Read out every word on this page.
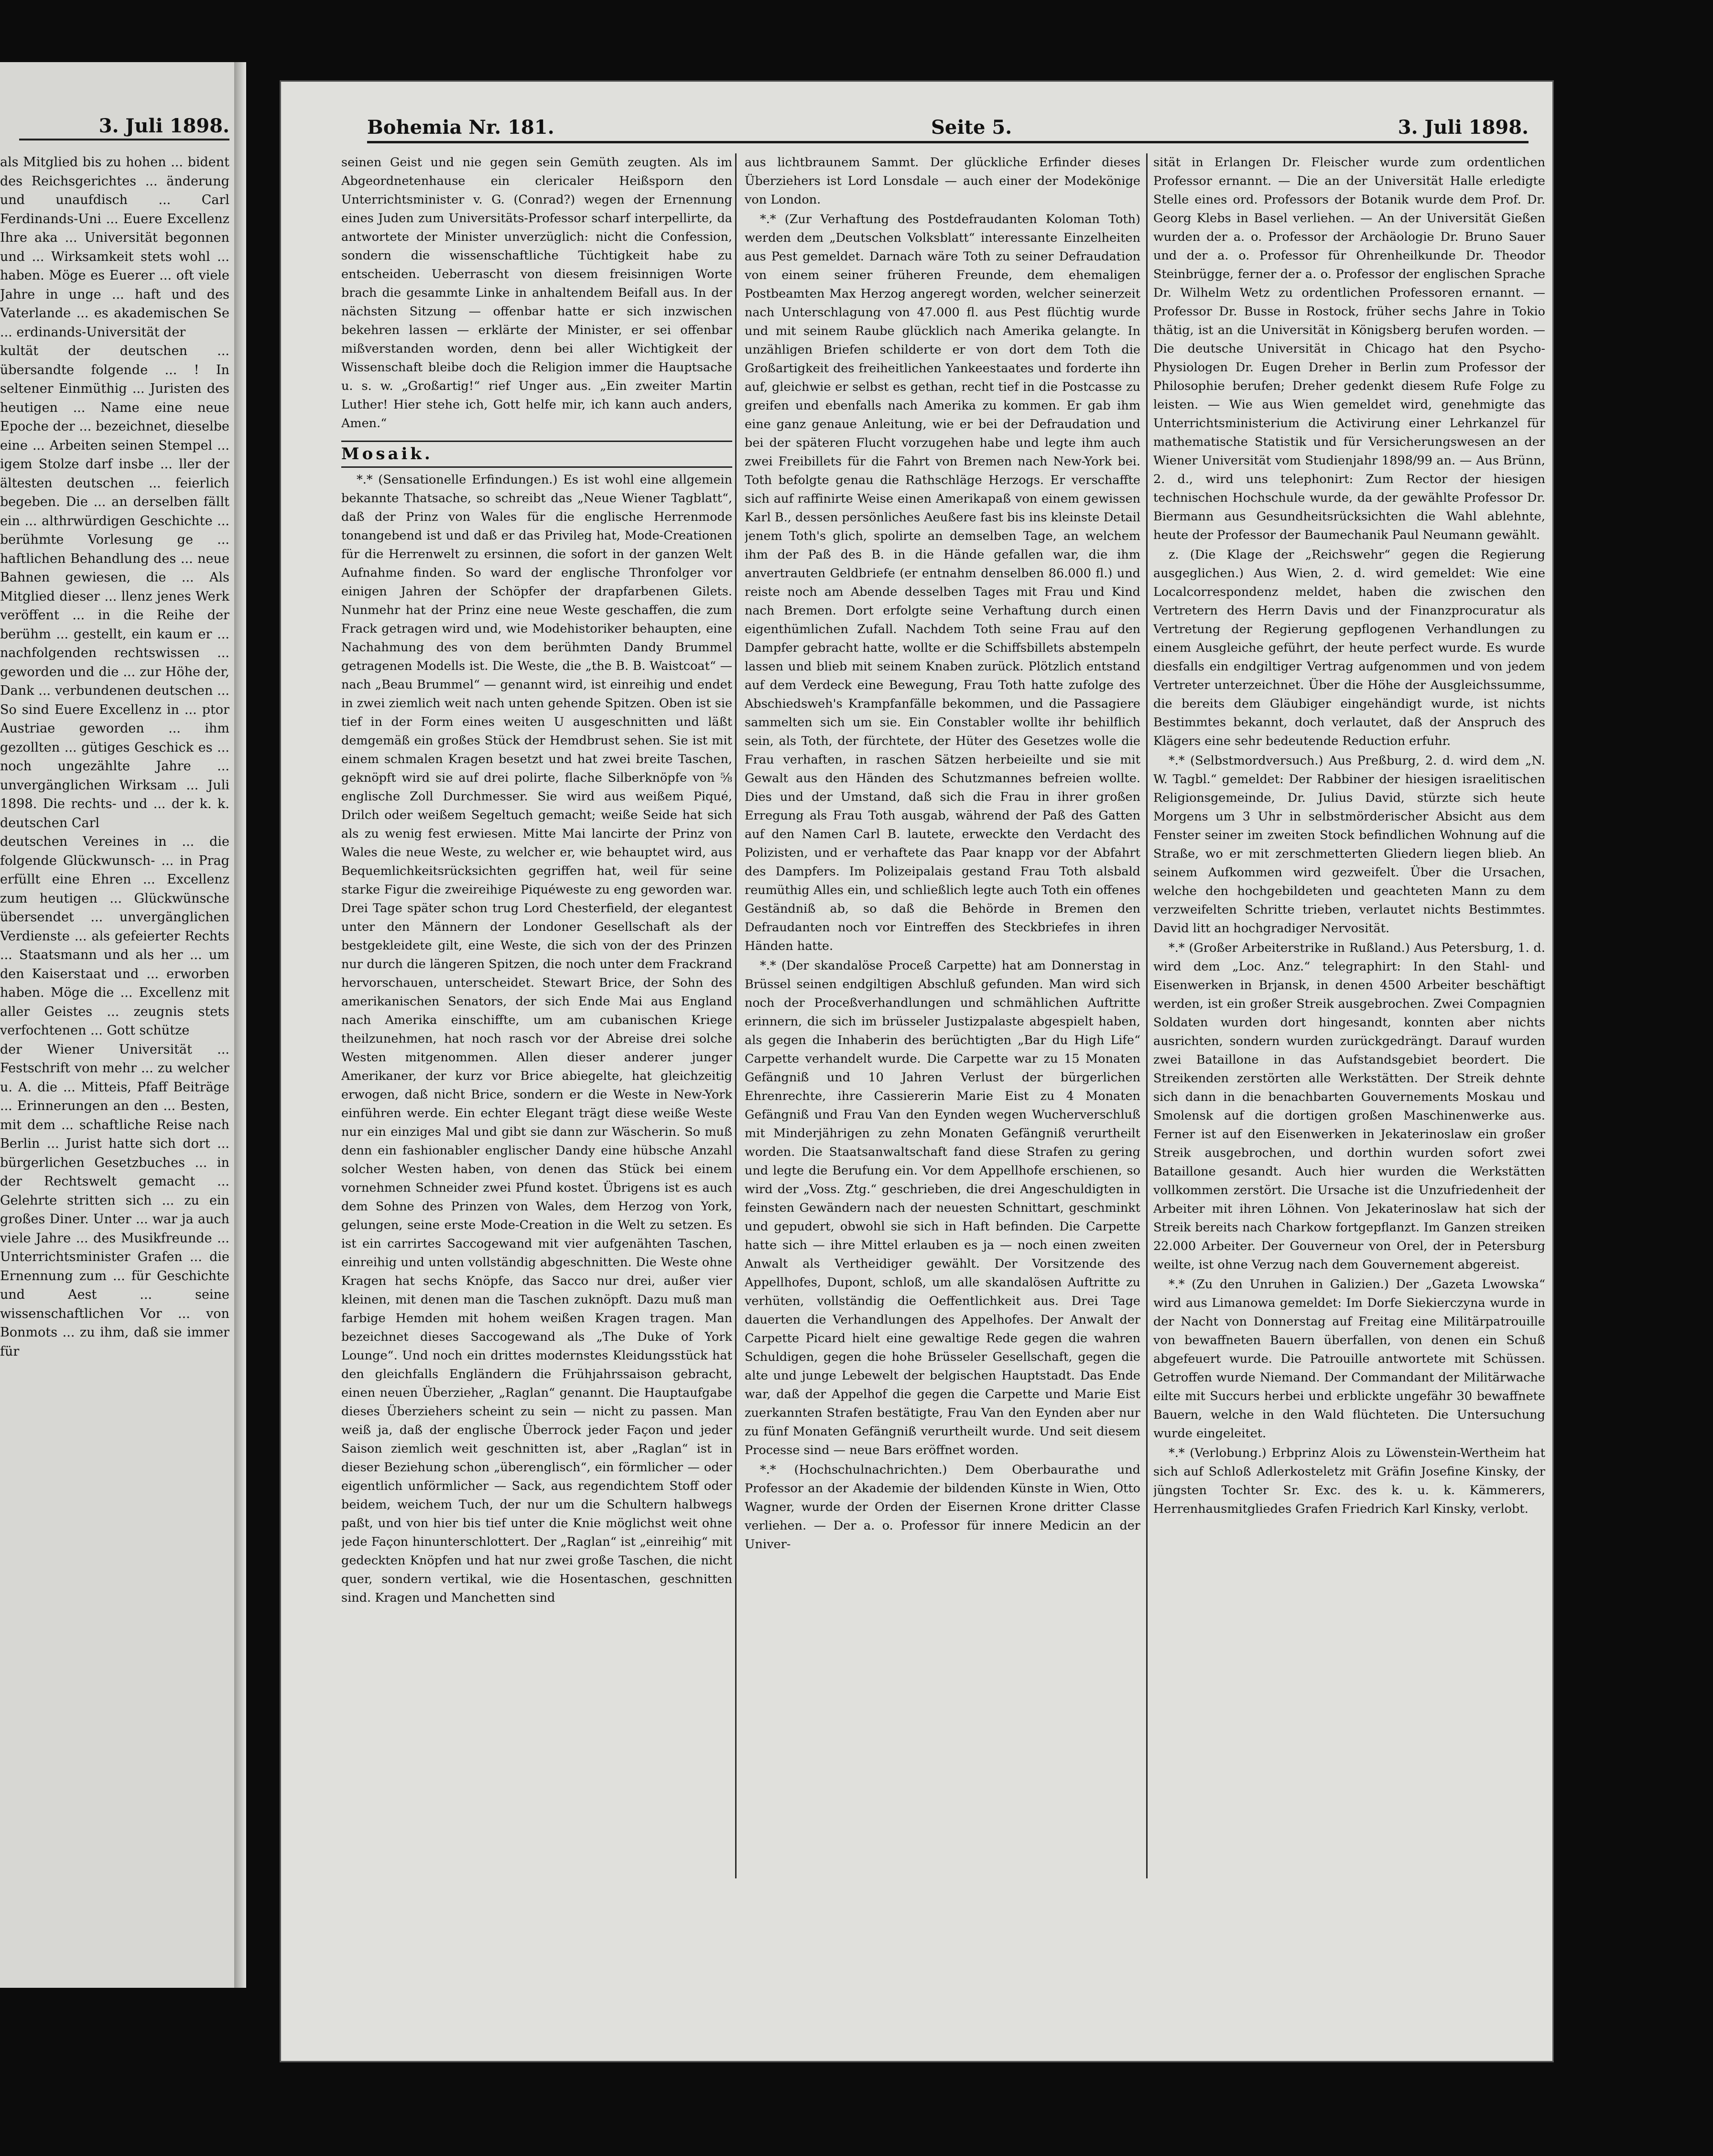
3. Juli 1898.

als Mitglied bis zu hohen ... bident des Reichsgerichtes ... änderung und unaufdisch ... Carl Ferdinands-Uni ... Euere Excellenz Ihre aka ... Universität begonnen und ... Wirksamkeit stets wohl ... haben. Möge es Euerer ... oft viele Jahre in unge ... haft und des Vaterlande ... es akademischen Se ... erdinands-Universität der

kultät der deutschen ... übersandte folgende ... ! In seltener Einmüthig ... Juristen des heutigen ... Name eine neue Epoche der ... bezeichnet, dieselbe eine ... Arbeiten seinen Stempel ... igem Stolze darf insbe ... ller der ältesten deutschen ... feierlich begeben. Die ... an derselben fällt ein ... althrwürdigen Geschichte ... berühmte Vorlesung ge ... haftlichen Behandlung des ... neue Bahnen gewiesen, die ... Als Mitglied dieser ... llenz jenes Werk veröffent ... in die Reihe der berühm ... gestellt, ein kaum er ... nachfolgenden rechtswissen ... geworden und die ... zur Höhe der, Dank ... verbundenen deutschen ... So sind Euere Excellenz in ... ptor Austriae geworden ... ihm gezollten ... gütiges Geschick es ... noch ungezählte Jahre ... unvergänglichen Wirksam ... Juli 1898. Die rechts- und ... der k. k. deutschen Carl

deutschen Vereines in ... die folgende Glückwunsch- ... in Prag erfüllt eine Ehren ... Excellenz zum heutigen ... Glückwünsche übersendet ... unvergänglichen Verdienste ... als gefeierter Rechts ... Staatsmann und als her ... um den Kaiserstaat und ... erworben haben. Möge die ... Excellenz mit aller Geistes ... zeugnis stets verfochtenen ... Gott schütze

der Wiener Universität ... Festschrift von mehr ... zu welcher u. A. die ... Mitteis, Pfaff Beiträge ... Erinnerungen an den ... Besten, mit dem ... schaftliche Reise nach Berlin ... Jurist hatte sich dort ... bürgerlichen Gesetzbuches ... in der Rechtswelt gemacht ... Gelehrte stritten sich ... zu ein großes Diner. Unter ... war ja auch viele Jahre ... des Musikfreunde ... Unterrichtsminister Grafen ... die Ernennung zum ... für Geschichte und Aest ... seine wissenschaftlichen Vor ... von Bonmots ... zu ihm, daß sie immer für

Bohemia Nr. 181.	Seite 5.	3. Juli 1898.

seinen Geist und nie gegen sein Gemüth zeugten. Als im Abgeordnetenhause ein clericaler Heißsporn den Unterrichtsminister v. G. (Conrad?) wegen der Ernennung eines Juden zum Universitäts-Professor scharf interpellirte, da antwortete der Minister unverzüglich: nicht die Confession, sondern die wissenschaftliche Tüchtigkeit habe zu entscheiden. Ueberrascht von diesem freisinnigen Worte brach die gesammte Linke in anhaltendem Beifall aus. In der nächsten Sitzung — offenbar hatte er sich inzwischen bekehren lassen — erklärte der Minister, er sei offenbar mißverstanden worden, denn bei aller Wichtigkeit der Wissenschaft bleibe doch die Religion immer die Hauptsache u. s. w. „Großartig!“ rief Unger aus. „Ein zweiter Martin Luther! Hier stehe ich, Gott helfe mir, ich kann auch anders, Amen.“

Mosaik.

*.* (Sensationelle Erfindungen.) Es ist wohl eine allgemein bekannte Thatsache, so schreibt das „Neue Wiener Tagblatt“, daß der Prinz von Wales für die englische Herrenmode tonangebend ist und daß er das Privileg hat, Mode-Creationen für die Herrenwelt zu ersinnen, die sofort in der ganzen Welt Aufnahme finden. So ward der englische Thronfolger vor einigen Jahren der Schöpfer der drapfarbenen Gilets. Nunmehr hat der Prinz eine neue Weste geschaffen, die zum Frack getragen wird und, wie Modehistoriker behaupten, eine Nachahmung des von dem berühmten Dandy Brummel getragenen Modells ist. Die Weste, die „the B. B. Waistcoat“ — nach „Beau Brummel“ — genannt wird, ist einreihig und endet in zwei ziemlich weit nach unten gehende Spitzen. Oben ist sie tief in der Form eines weiten U ausgeschnitten und läßt demgemäß ein großes Stück der Hemdbrust sehen. Sie ist mit einem schmalen Kragen besetzt und hat zwei breite Taschen, geknöpft wird sie auf drei polirte, flache Silberknöpfe von ⅝ englische Zoll Durchmesser. Sie wird aus weißem Piqué, Drilch oder weißem Segeltuch gemacht; weiße Seide hat sich als zu wenig fest erwiesen. Mitte Mai lancirte der Prinz von Wales die neue Weste, zu welcher er, wie behauptet wird, aus Bequemlichkeitsrücksichten gegriffen hat, weil für seine starke Figur die zweireihige Piquéweste zu eng geworden war. Drei Tage später schon trug Lord Chesterfield, der elegantest unter den Männern der Londoner Gesellschaft als der bestgekleidete gilt, eine Weste, die sich von der des Prinzen nur durch die längeren Spitzen, die noch unter dem Frackrand hervorschauen, unterscheidet. Stewart Brice, der Sohn des amerikanischen Senators, der sich Ende Mai aus England nach Amerika einschiffte, um am cubanischen Kriege theilzunehmen, hat noch rasch vor der Abreise drei solche Westen mitgenommen. Allen dieser anderer junger Amerikaner, der kurz vor Brice abiegelte, hat gleichzeitig erwogen, daß nicht Brice, sondern er die Weste in New-York einführen werde. Ein echter Elegant trägt diese weiße Weste nur ein einziges Mal und gibt sie dann zur Wäscherin. So muß denn ein fashionabler englischer Dandy eine hübsche Anzahl solcher Westen haben, von denen das Stück bei einem vornehmen Schneider zwei Pfund kostet. Übrigens ist es auch dem Sohne des Prinzen von Wales, dem Herzog von York, gelungen, seine erste Mode-Creation in die Welt zu setzen. Es ist ein carrirtes Saccogewand mit vier aufgenähten Taschen, einreihig und unten vollständig abgeschnitten. Die Weste ohne Kragen hat sechs Knöpfe, das Sacco nur drei, außer vier kleinen, mit denen man die Taschen zuknöpft. Dazu muß man farbige Hemden mit hohem weißen Kragen tragen. Man bezeichnet dieses Saccogewand als „The Duke of York Lounge“. Und noch ein drittes modernstes Kleidungsstück hat den gleichfalls Engländern die Frühjahrssaison gebracht, einen neuen Überzieher, „Raglan“ genannt. Die Hauptaufgabe dieses Überziehers scheint zu sein — nicht zu passen. Man weiß ja, daß der englische Überrock jeder Façon und jeder Saison ziemlich weit geschnitten ist, aber „Raglan“ ist in dieser Beziehung schon „überenglisch“, ein förmlicher — oder eigentlich unförmlicher — Sack, aus regendichtem Stoff oder beidem, weichem Tuch, der nur um die Schultern halbwegs paßt, und von hier bis tief unter die Knie möglichst weit ohne jede Façon hinunterschlottert. Der „Raglan“ ist „einreihig“ mit gedeckten Knöpfen und hat nur zwei große Taschen, die nicht quer, sondern vertikal, wie die Hosentaschen, geschnitten sind. Kragen und Manchetten sind

aus lichtbraunem Sammt. Der glückliche Erfinder dieses Überziehers ist Lord Lonsdale — auch einer der Modekönige von London.

*.* (Zur Verhaftung des Postdefraudanten Koloman Toth) werden dem „Deutschen Volksblatt“ interessante Einzelheiten aus Pest gemeldet. Darnach wäre Toth zu seiner Defraudation von einem seiner früheren Freunde, dem ehemaligen Postbeamten Max Herzog angeregt worden, welcher seinerzeit nach Unterschlagung von 47.000 fl. aus Pest flüchtig wurde und mit seinem Raube glücklich nach Amerika gelangte. In unzähligen Briefen schilderte er von dort dem Toth die Großartigkeit des freiheitlichen Yankeestaates und forderte ihn auf, gleichwie er selbst es gethan, recht tief in die Postcasse zu greifen und ebenfalls nach Amerika zu kommen. Er gab ihm eine ganz genaue Anleitung, wie er bei der Defraudation und bei der späteren Flucht vorzugehen habe und legte ihm auch zwei Freibillets für die Fahrt von Bremen nach New-York bei. Toth befolgte genau die Rathschläge Herzogs. Er verschaffte sich auf raffinirte Weise einen Amerikapaß von einem gewissen Karl B., dessen persönliches Aeußere fast bis ins kleinste Detail jenem Toth's glich, spolirte an demselben Tage, an welchem ihm der Paß des B. in die Hände gefallen war, die ihm anvertrauten Geldbriefe (er entnahm denselben 86.000 fl.) und reiste noch am Abende desselben Tages mit Frau und Kind nach Bremen. Dort erfolgte seine Verhaftung durch einen eigenthümlichen Zufall. Nachdem Toth seine Frau auf den Dampfer gebracht hatte, wollte er die Schiffsbillets abstempeln lassen und blieb mit seinem Knaben zurück. Plötzlich entstand auf dem Verdeck eine Bewegung, Frau Toth hatte zufolge des Abschiedsweh's Krampfanfälle bekommen, und die Passagiere sammelten sich um sie. Ein Constabler wollte ihr behilflich sein, als Toth, der fürchtete, der Hüter des Gesetzes wolle die Frau verhaften, in raschen Sätzen herbeieilte und sie mit Gewalt aus den Händen des Schutzmannes befreien wollte. Dies und der Umstand, daß sich die Frau in ihrer großen Erregung als Frau Toth ausgab, während der Paß des Gatten auf den Namen Carl B. lautete, erweckte den Verdacht des Polizisten, und er verhaftete das Paar knapp vor der Abfahrt des Dampfers. Im Polizeipalais gestand Frau Toth alsbald reumüthig Alles ein, und schließlich legte auch Toth ein offenes Geständniß ab, so daß die Behörde in Bremen den Defraudanten noch vor Eintreffen des Steckbriefes in ihren Händen hatte.

*.* (Der skandalöse Proceß Carpette) hat am Donnerstag in Brüssel seinen endgiltigen Abschluß gefunden. Man wird sich noch der Proceßverhandlungen und schmählichen Auftritte erinnern, die sich im brüsseler Justizpalaste abgespielt haben, als gegen die Inhaberin des berüchtigten „Bar du High Life“ Carpette verhandelt wurde. Die Carpette war zu 15 Monaten Gefängniß und 10 Jahren Verlust der bürgerlichen Ehrenrechte, ihre Cassiererin Marie Eist zu 4 Monaten Gefängniß und Frau Van den Eynden wegen Wucherverschluß mit Minderjährigen zu zehn Monaten Gefängniß verurtheilt worden. Die Staatsanwaltschaft fand diese Strafen zu gering und legte die Berufung ein. Vor dem Appellhofe erschienen, so wird der „Voss. Ztg.“ geschrieben, die drei Angeschuldigten in feinsten Gewändern nach der neuesten Schnittart, geschminkt und gepudert, obwohl sie sich in Haft befinden. Die Carpette hatte sich — ihre Mittel erlauben es ja — noch einen zweiten Anwalt als Vertheidiger gewählt. Der Vorsitzende des Appellhofes, Dupont, schloß, um alle skandalösen Auftritte zu verhüten, vollständig die Oeffentlichkeit aus. Drei Tage dauerten die Verhandlungen des Appelhofes. Der Anwalt der Carpette Picard hielt eine gewaltige Rede gegen die wahren Schuldigen, gegen die hohe Brüsseler Gesellschaft, gegen die alte und junge Lebewelt der belgischen Hauptstadt. Das Ende war, daß der Appelhof die gegen die Carpette und Marie Eist zuerkannten Strafen bestätigte, Frau Van den Eynden aber nur zu fünf Monaten Gefängniß verurtheilt wurde. Und seit diesem Processe sind — neue Bars eröffnet worden.

*.* (Hochschulnachrichten.) Dem Oberbaurathe und Professor an der Akademie der bildenden Künste in Wien, Otto Wagner, wurde der Orden der Eisernen Krone dritter Classe verliehen. — Der a. o. Professor für innere Medicin an der Univer-

sität in Erlangen Dr. Fleischer wurde zum ordentlichen Professor ernannt. — Die an der Universität Halle erledigte Stelle eines ord. Professors der Botanik wurde dem Prof. Dr. Georg Klebs in Basel verliehen. — An der Universität Gießen wurden der a. o. Professor der Archäologie Dr. Bruno Sauer und der a. o. Professor für Ohrenheilkunde Dr. Theodor Steinbrügge, ferner der a. o. Professor der englischen Sprache Dr. Wilhelm Wetz zu ordentlichen Professoren ernannt. — Professor Dr. Busse in Rostock, früher sechs Jahre in Tokio thätig, ist an die Universität in Königsberg berufen worden. — Die deutsche Universität in Chicago hat den Psycho-Physiologen Dr. Eugen Dreher in Berlin zum Professor der Philosophie berufen; Dreher gedenkt diesem Rufe Folge zu leisten. — Wie aus Wien gemeldet wird, genehmigte das Unterrichtsministerium die Activirung einer Lehrkanzel für mathematische Statistik und für Versicherungswesen an der Wiener Universität vom Studienjahr 1898/99 an. — Aus Brünn, 2. d., wird uns telephonirt: Zum Rector der hiesigen technischen Hochschule wurde, da der gewählte Professor Dr. Biermann aus Gesundheitsrücksichten die Wahl ablehnte, heute der Professor der Baumechanik Paul Neumann gewählt.

z. (Die Klage der „Reichswehr“ gegen die Regierung ausgeglichen.) Aus Wien, 2. d. wird gemeldet: Wie eine Localcorrespondenz meldet, haben die zwischen den Vertretern des Herrn Davis und der Finanzprocuratur als Vertretung der Regierung gepflogenen Verhandlungen zu einem Ausgleiche geführt, der heute perfect wurde. Es wurde diesfalls ein endgiltiger Vertrag aufgenommen und von jedem Vertreter unterzeichnet. Über die Höhe der Ausgleichssumme, die bereits dem Gläubiger eingehändigt wurde, ist nichts Bestimmtes bekannt, doch verlautet, daß der Anspruch des Klägers eine sehr bedeutende Reduction erfuhr.

*.* (Selbstmordversuch.) Aus Preßburg, 2. d. wird dem „N. W. Tagbl.“ gemeldet: Der Rabbiner der hiesigen israelitischen Religionsgemeinde, Dr. Julius David, stürzte sich heute Morgens um 3 Uhr in selbstmörderischer Absicht aus dem Fenster seiner im zweiten Stock befindlichen Wohnung auf die Straße, wo er mit zerschmetterten Gliedern liegen blieb. An seinem Aufkommen wird gezweifelt. Über die Ursachen, welche den hochgebildeten und geachteten Mann zu dem verzweifelten Schritte trieben, verlautet nichts Bestimmtes. David litt an hochgradiger Nervosität.

*.* (Großer Arbeiterstrike in Rußland.) Aus Petersburg, 1. d. wird dem „Loc. Anz.“ telegraphirt: In den Stahl- und Eisenwerken in Brjansk, in denen 4500 Arbeiter beschäftigt werden, ist ein großer Streik ausgebrochen. Zwei Compagnien Soldaten wurden dort hingesandt, konnten aber nichts ausrichten, sondern wurden zurückgedrängt. Darauf wurden zwei Bataillone in das Aufstandsgebiet beordert. Die Streikenden zerstörten alle Werkstätten. Der Streik dehnte sich dann in die benachbarten Gouvernements Moskau und Smolensk auf die dortigen großen Maschinenwerke aus. Ferner ist auf den Eisenwerken in Jekaterinoslaw ein großer Streik ausgebrochen, und dorthin wurden sofort zwei Bataillone gesandt. Auch hier wurden die Werkstätten vollkommen zerstört. Die Ursache ist die Unzufriedenheit der Arbeiter mit ihren Löhnen. Von Jekaterinoslaw hat sich der Streik bereits nach Charkow fortgepflanzt. Im Ganzen streiken 22.000 Arbeiter. Der Gouverneur von Orel, der in Petersburg weilte, ist ohne Verzug nach dem Gouvernement abgereist.

*.* (Zu den Unruhen in Galizien.) Der „Gazeta Lwowska“ wird aus Limanowa gemeldet: Im Dorfe Siekierczyna wurde in der Nacht von Donnerstag auf Freitag eine Militärpatrouille von bewaffneten Bauern überfallen, von denen ein Schuß abgefeuert wurde. Die Patrouille antwortete mit Schüssen. Getroffen wurde Niemand. Der Commandant der Militärwache eilte mit Succurs herbei und erblickte ungefähr 30 bewaffnete Bauern, welche in den Wald flüchteten. Die Untersuchung wurde eingeleitet.

*.* (Verlobung.) Erbprinz Alois zu Löwenstein-Wertheim hat sich auf Schloß Adlerkosteletz mit Gräfin Josefine Kinsky, der jüngsten Tochter Sr. Exc. des k. u. k. Kämmerers, Herrenhausmitgliedes Grafen Friedrich Karl Kinsky, verlobt.
